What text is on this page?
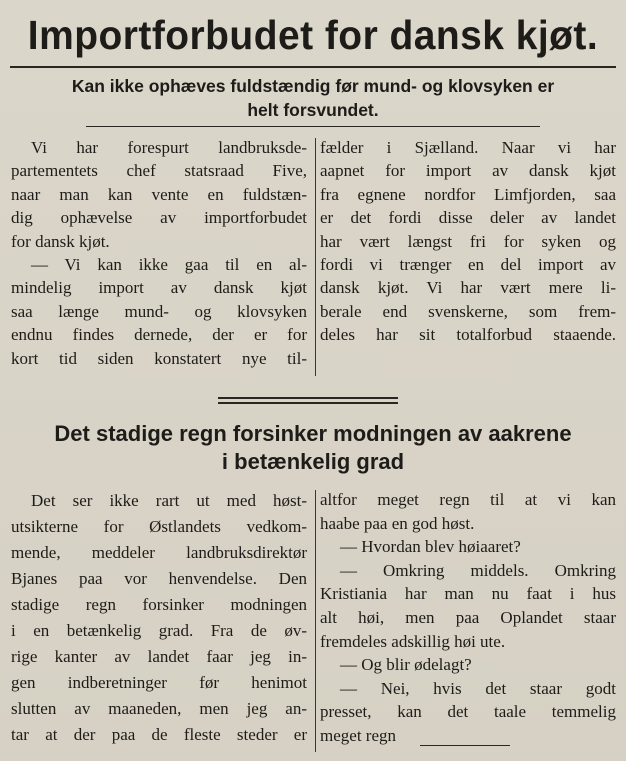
Importforbudet for dansk kjøt.
Kan ikke ophæves fuldstændig før mund- og klovsyken er
helt forsvundet.
Vi har forespurt landbruksde-
partementets chef statsraad Five,
naar man kan vente en fuldstæn-
dig ophævelse av importforbudet
for dansk kjøt.
— Vi kan ikke gaa til en al-
mindelig import av dansk kjøt
saa længe mund- og klovsyken
endnu findes dernede, der er for
kort tid siden konstatert nye til-
fælder i Sjælland. Naar vi har
aapnet for import av dansk kjøt
fra egnene nordfor Limfjorden, saa
er det fordi disse deler av landet
har vært længst fri for syken og
fordi vi trænger en del import av
dansk kjøt. Vi har vært mere li-
berale end svenskerne, som frem-
deles har sit totalforbud staaende.
Det stadige regn forsinker modningen av aakrene
i betænkelig grad
Det ser ikke rart ut med høst-
utsikterne for Østlandets vedkom-
mende, meddeler landbruksdirektør
Bjanes paa vor henvendelse. Den
stadige regn forsinker modningen
i en betænkelig grad. Fra de øv-
rige kanter av landet faar jeg in-
gen indberetninger før henimot
slutten av maaneden, men jeg an-
tar at der paa de fleste steder er
altfor meget regn til at vi kan
haabe paa en god høst.
— Hvordan blev høiaaret?
— Omkring middels. Omkring
Kristiania har man nu faat i hus
alt høi, men paa Oplandet staar
fremdeles adskillig høi ute.
— Og blir ødelagt?
— Nei, hvis det staar godt
presset, kan det taale temmelig
meget regn
